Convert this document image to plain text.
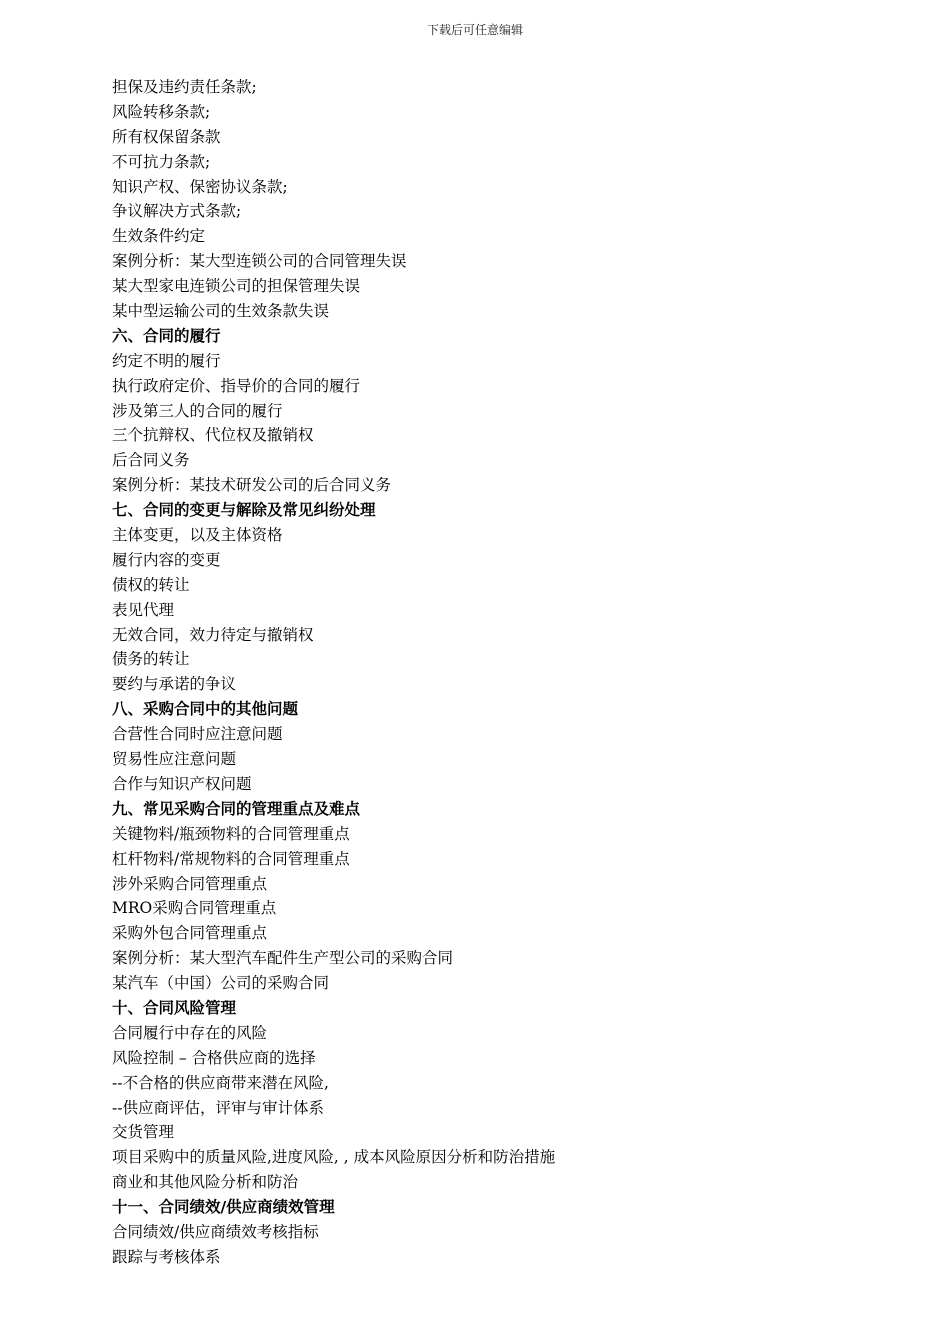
下载后可任意编辑
担保及违约责任条款;
风险转移条款;
所有权保留条款
不可抗力条款;
知识产权、保密协议条款;
争议解决方式条款;
生效条件约定
案例分析：某大型连锁公司的合同管理失误
某大型家电连锁公司的担保管理失误
某中型运输公司的生效条款失误
六、合同的履行
约定不明的履行
执行政府定价、指导价的合同的履行
涉及第三人的合同的履行
三个抗辩权、代位权及撤销权
后合同义务
案例分析：某技术研发公司的后合同义务
七、合同的变更与解除及常见纠纷处理
主体变更，以及主体资格
履行内容的变更
债权的转让
表见代理
无效合同，效力待定与撤销权
债务的转让
要约与承诺的争议
八、采购合同中的其他问题
合营性合同时应注意问题
贸易性应注意问题
合作与知识产权问题
九、常见采购合同的管理重点及难点
关键物料/瓶颈物料的合同管理重点
杠杆物料/常规物料的合同管理重点
涉外采购合同管理重点
MRO采购合同管理重点
采购外包合同管理重点
案例分析：某大型汽车配件生产型公司的采购合同
某汽车（中国）公司的采购合同
十、合同风险管理
合同履行中存在的风险
风险控制 – 合格供应商的选择
--不合格的供应商带来潜在风险,
--供应商评估，评审与审计体系
交货管理
项目采购中的质量风险,进度风险, , 成本风险原因分析和防治措施
商业和其他风险分析和防治
十一、合同绩效/供应商绩效管理
合同绩效/供应商绩效考核指标
跟踪与考核体系
